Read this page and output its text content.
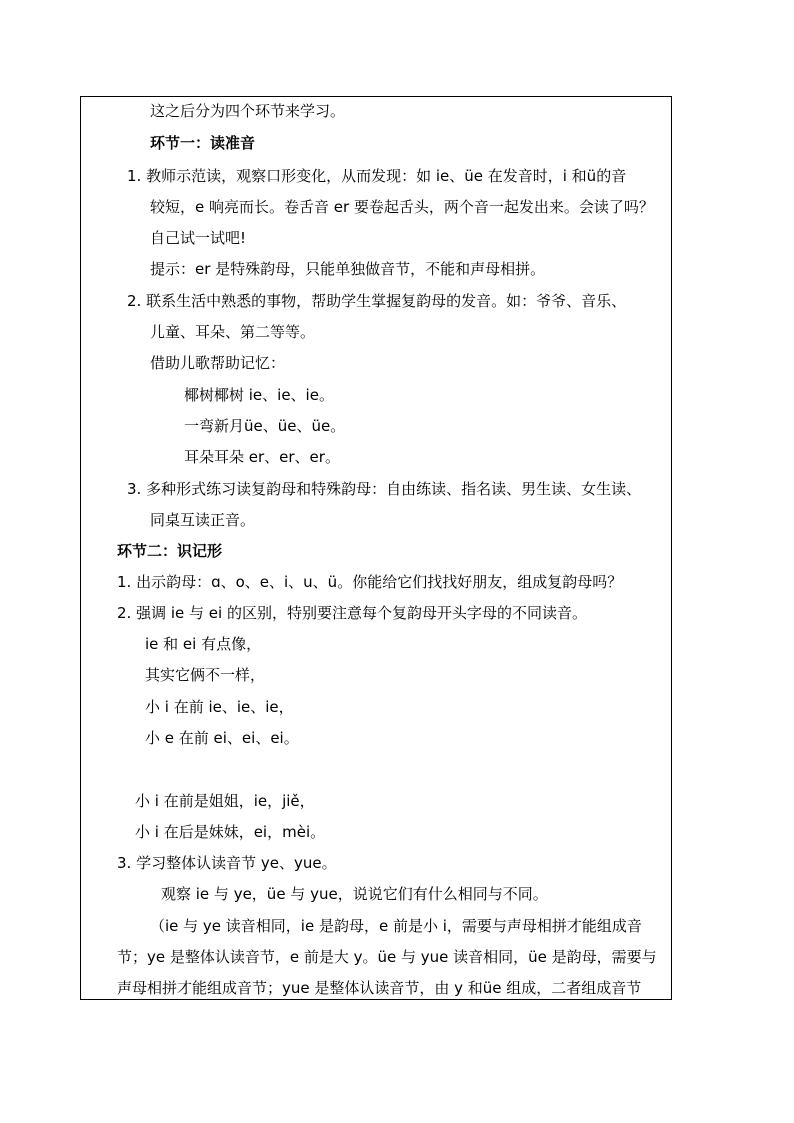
这之后分为四个环节来学习。
环节一：读准音
1. 教师示范读，观察口形变化，从而发现：如 ie、üe 在发音时，i 和ü的音
较短，e 响亮而长。卷舌音 er 要卷起舌头，两个音一起发出来。会读了吗？
自己试一试吧!
提示：er 是特殊韵母，只能单独做音节，不能和声母相拼。
2. 联系生活中熟悉的事物，帮助学生掌握复韵母的发音。如：爷爷、音乐、
儿童、耳朵、第二等等。
借助儿歌帮助记忆：
椰树椰树 ie、ie、ie。
一弯新月üe、üe、üe。
耳朵耳朵 er、er、er。
3. 多种形式练习读复韵母和特殊韵母：自由练读、指名读、男生读、女生读、
同桌互读正音。
环节二：识记形
1. 出示韵母：ɑ、o、e、i、u、ü。你能给它们找找好朋友，组成复韵母吗？
2. 强调 ie 与 ei 的区别，特别要注意每个复韵母开头字母的不同读音。
ie 和 ei 有点像，
其实它俩不一样，
小 i 在前 ie、ie、ie，
小 e 在前 ei、ei、ei。
小 i 在前是姐姐，ie，jiě，
小 i 在后是妹妹，ei，mèi。
3. 学习整体认读音节 ye、yue。
观察 ie 与 ye，üe 与 yue，说说它们有什么相同与不同。
（ie 与 ye 读音相同，ie 是韵母，e 前是小 i，需要与声母相拼才能组成音
节；ye 是整体认读音节，e 前是大 y。üe 与 yue 读音相同，üe 是韵母，需要与
声母相拼才能组成音节；yue 是整体认读音节，由 y 和üe 组成，二者组成音节
